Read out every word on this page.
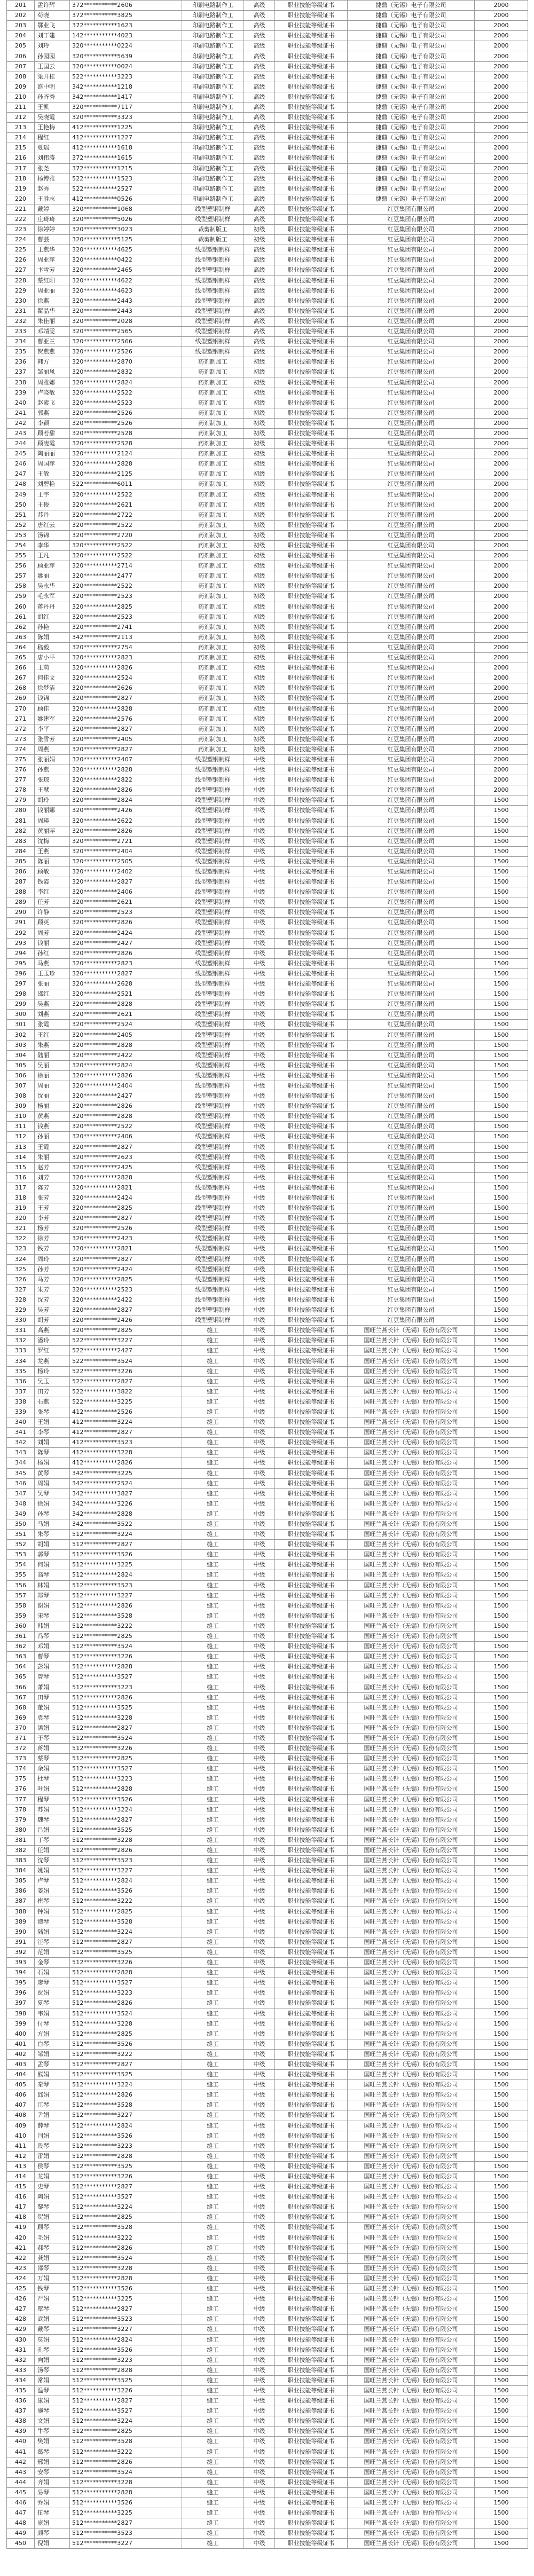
201	孟许辉	372***********2606	印刷电路制作工	高级	职业技能等级证书	捷鼎（无锡）电子有限公司	2000
202	苟晓	372***********3825	印刷电路制作工	高级	职业技能等级证书	捷鼎（无锡）电子有限公司	2000
203	鄂业飞	372***********1623	印刷电路制作工	高级	职业技能等级证书	捷鼎（无锡）电子有限公司	2000
204	刘丁建	142***********4023	印刷电路制作工	高级	职业技能等级证书	捷鼎（无锡）电子有限公司	2000
205	刘玲	320***********0224	印刷电路制作工	高级	职业技能等级证书	捷鼎（无锡）电子有限公司	2000
206	孙园园	320***********5639	印刷电路制作工	高级	职业技能等级证书	捷鼎（无锡）电子有限公司	2000
207	王国云	320***********0024	印刷电路制作工	高级	职业技能等级证书	捷鼎（无锡）电子有限公司	2000
208	梁开桂	522***********3223	印刷电路制作工	高级	职业技能等级证书	捷鼎（无锡）电子有限公司	2000
209	盛中明	342***********1218	印刷电路制作工	高级	职业技能等级证书	捷鼎（无锡）电子有限公司	2000
210	孙齐秀	342***********1417	印刷电路制作工	高级	职业技能等级证书	捷鼎（无锡）电子有限公司	2000
211	王凯	320***********7117	印刷电路制作工	高级	职业技能等级证书	捷鼎（无锡）电子有限公司	2000
212	吴晓霞	320***********3323	印刷电路制作工	高级	职业技能等级证书	捷鼎（无锡）电子有限公司	2000
213	王艳梅	412***********1225	印刷电路制作工	高级	职业技能等级证书	捷鼎（无锡）电子有限公司	2000
214	程红	412***********1227	印刷电路制作工	高级	职业技能等级证书	捷鼎（无锡）电子有限公司	2000
215	夏瑶	412***********1618	印刷电路制作工	高级	职业技能等级证书	捷鼎（无锡）电子有限公司	2000
216	刘伟涛	372***********1615	印刷电路制作工	高级	职业技能等级证书	捷鼎（无锡）电子有限公司	2000
217	张尧	372***********1215	印刷电路制作工	高级	职业技能等级证书	捷鼎（无锡）电子有限公司	2000
218	杨博雅	522***********1523	印刷电路制作工	高级	职业技能等级证书	捷鼎（无锡）电子有限公司	2000
219	赵秀	522***********2527	印刷电路制作工	高级	职业技能等级证书	捷鼎（无锡）电子有限公司	2000
220	王胜志	412***********0526	印刷电路制作工	高级	职业技能等级证书	捷鼎（无锡）电子有限公司	2000
221	戴婷	320***********1068	线型塑钢制样	高级	职业技能等级证书	红豆集团有限公司	2000
222	庄琦琦	320***********5026	线型塑钢制样	高级	职业技能等级证书	红豆集团有限公司	2000
223	徐婷婷	320***********3023	裁剪制版工	初级	职业技能等级证书	红豆集团有限公司	2000
224	曹芸	320***********5125	裁剪制版工	初级	职业技能等级证书	红豆集团有限公司	2000
225	王燕华	320***********4625	线型塑钢制样	高级	职业技能等级证书	红豆集团有限公司	2000
226	周亚萍	320***********0422	线型塑钢制样	高级	职业技能等级证书	红豆集团有限公司	2000
227	卞雪芳	320***********2465	线型塑钢制样	高级	职业技能等级证书	红豆集团有限公司	2000
228	蔡红阳	320***********4622	线型塑钢制样	高级	职业技能等级证书	红豆集团有限公司	2000
229	周亚丽	320***********4623	线型塑钢制样	高级	职业技能等级证书	红豆集团有限公司	2000
230	徐燕	320***********2443	线型塑钢制样	高级	职业技能等级证书	红豆集团有限公司	2000
231	瞿晶华	320***********2443	线型塑钢制样	高级	职业技能等级证书	红豆集团有限公司	2000
232	朱佳丽	320***********2028	线型塑钢制样	高级	职业技能等级证书	红豆集团有限公司	2000
233	邓靖雯	320***********2565	线型塑钢制样	高级	职业技能等级证书	红豆集团有限公司	2000
234	曹亚兰	320***********2566	线型塑钢制样	高级	职业技能等级证书	红豆集团有限公司	2000
235	贺燕燕	320***********2526	线型塑钢制样	高级	职业技能等级证书	红豆集团有限公司	2000
236	韩方	320***********2870	药剂制加工	初级	职业技能等级证书	红豆集团有限公司	2000
237	邹丽凤	320***********2832	药剂制加工	初级	职业技能等级证书	红豆集团有限公司	2000
238	周雅娜	320***********2824	药剂制加工	初级	职业技能等级证书	红豆集团有限公司	2000
239	卢晓敏	320***********2522	药剂制加工	初级	职业技能等级证书	红豆集团有限公司	2000
240	赵素飞	320***********2523	药剂制加工	初级	职业技能等级证书	红豆集团有限公司	2000
241	郭燕	320***********2526	药剂制加工	初级	职业技能等级证书	红豆集团有限公司	2000
242	李颖	320***********2526	药剂制加工	初级	职业技能等级证书	红豆集团有限公司	2000
243	顾若甜	320***********2528	药剂制加工	初级	职业技能等级证书	红豆集团有限公司	2000
244	顾凌霞	320***********2528	药剂制加工	初级	职业技能等级证书	红豆集团有限公司	2000
245	陶丽丽	320***********2124	药剂制加工	初级	职业技能等级证书	红豆集团有限公司	2000
246	周国萍	320***********2828	药剂制加工	初级	职业技能等级证书	红豆集团有限公司	2000
247	王敏	320***********2125	药剂制加工	初级	职业技能等级证书	红豆集团有限公司	2000
248	刘碧艳	522***********6011	药剂制加工	初级	职业技能等级证书	红豆集团有限公司	2000
249	王宇	320***********2522	药剂制加工	初级	职业技能等级证书	红豆集团有限公司	2000
250	王俊	320***********2621	药剂制加工	初级	职业技能等级证书	红豆集团有限公司	2000
251	苏丹	320***********2722	药剂制加工	初级	职业技能等级证书	红豆集团有限公司	2000
252	唐红云	320***********2522	药剂制加工	初级	职业技能等级证书	红豆集团有限公司	2000
253	汤锦	320***********2720	药剂制加工	初级	职业技能等级证书	红豆集团有限公司	2000
254	李华	320***********2522	药剂制加工	初级	职业技能等级证书	红豆集团有限公司	2000
255	王凡	320***********2522	药剂制加工	初级	职业技能等级证书	红豆集团有限公司	2000
256	顾亚萍	320***********2714	药剂制加工	初级	职业技能等级证书	红豆集团有限公司	2000
257	姚丽	320***********2477	药剂制加工	初级	职业技能等级证书	红豆集团有限公司	2000
258	吴永华	320***********2522	药剂制加工	初级	职业技能等级证书	红豆集团有限公司	2000
259	毛永军	320***********2523	药剂制加工	初级	职业技能等级证书	红豆集团有限公司	2000
260	蒋丹丹	320***********2825	药剂制加工	初级	职业技能等级证书	红豆集团有限公司	2000
261	胡红	320***********2523	药剂制加工	初级	职业技能等级证书	红豆集团有限公司	2000
262	孙艳	320***********2741	药剂制加工	初级	职业技能等级证书	红豆集团有限公司	2000
263	陈娟	342***********2113	药剂制加工	初级	职业技能等级证书	红豆集团有限公司	2000
264	嵇毅	320***********2754	药剂制加工	初级	职业技能等级证书	红豆集团有限公司	2000
265	唐小平	320***********2823	药剂制加工	初级	职业技能等级证书	红豆集团有限公司	2000
266	王莉	320***********2826	药剂制加工	初级	职业技能等级证书	红豆集团有限公司	2000
267	何佳文	320***********2524	药剂制加工	初级	职业技能等级证书	红豆集团有限公司	2000
268	徐梦洁	320***********2626	药剂制加工	初级	职业技能等级证书	红豆集团有限公司	2000
269	钱锦	320***********2827	药剂制加工	初级	职业技能等级证书	红豆集团有限公司	2000
270	顾佳	320***********2828	药剂制加工	初级	职业技能等级证书	红豆集团有限公司	2000
271	姚建军	320***********2576	药剂制加工	初级	职业技能等级证书	红豆集团有限公司	2000
272	李平	320***********2827	药剂制加工	初级	职业技能等级证书	红豆集团有限公司	2000
273	张雪芳	320***********2405	药剂制加工	初级	职业技能等级证书	红豆集团有限公司	2000
274	周燕	320***********2827	药剂制加工	初级	职业技能等级证书	红豆集团有限公司	2000
275	张丽娟	320***********2407	线型塑钢制样	中级	职业技能等级证书	红豆集团有限公司	2000
276	孙燕	320***********2828	线型塑钢制样	中级	职业技能等级证书	红豆集团有限公司	2000
277	张琼	320***********2822	线型塑钢制样	中级	职业技能等级证书	红豆集团有限公司	2000
278	王慧	320***********2826	线型塑钢制样	中级	职业技能等级证书	红豆集团有限公司	2000
279	胡玲	320***********2824	线型塑钢制样	中级	职业技能等级证书	红豆集团有限公司	1500
280	钱丽娜	320***********2426	线型塑钢制样	中级	职业技能等级证书	红豆集团有限公司	1500
281	周瑛	320***********2622	线型塑钢制样	中级	职业技能等级证书	红豆集团有限公司	1500
282	黄丽萍	320***********2826	线型塑钢制样	中级	职业技能等级证书	红豆集团有限公司	1500
283	沈梅	320***********2721	线型塑钢制样	中级	职业技能等级证书	红豆集团有限公司	1500
284	王燕	320***********2404	线型塑钢制样	中级	职业技能等级证书	红豆集团有限公司	1500
285	陈丽	320***********2505	线型塑钢制样	中级	职业技能等级证书	红豆集团有限公司	1500
286	顾敏	320***********2402	线型塑钢制样	中级	职业技能等级证书	红豆集团有限公司	1500
287	钱霞	320***********2827	线型塑钢制样	中级	职业技能等级证书	红豆集团有限公司	1500
288	李红	320***********2406	线型塑钢制样	中级	职业技能等级证书	红豆集团有限公司	1500
289	任芳	320***********2621	线型塑钢制样	中级	职业技能等级证书	红豆集团有限公司	1500
290	许静	320***********2523	线型塑钢制样	中级	职业技能等级证书	红豆集团有限公司	1500
291	顾英	320***********2826	线型塑钢制样	中级	职业技能等级证书	红豆集团有限公司	1500
292	周芳	320***********2424	线型塑钢制样	中级	职业技能等级证书	红豆集团有限公司	1500
293	钱丽	320***********2427	线型塑钢制样	中级	职业技能等级证书	红豆集团有限公司	1500
294	孙红	320***********2826	线型塑钢制样	中级	职业技能等级证书	红豆集团有限公司	1500
295	马燕	320***********2823	线型塑钢制样	中级	职业技能等级证书	红豆集团有限公司	1500
296	王玉珍	320***********2827	线型塑钢制样	中级	职业技能等级证书	红豆集团有限公司	1500
297	张丽	320***********2628	线型塑钢制样	中级	职业技能等级证书	红豆集团有限公司	1500
298	邵红	320***********2521	线型塑钢制样	中级	职业技能等级证书	红豆集团有限公司	1500
299	吴燕	320***********2828	线型塑钢制样	中级	职业技能等级证书	红豆集团有限公司	1500
300	刘燕	320***********2621	线型塑钢制样	中级	职业技能等级证书	红豆集团有限公司	1500
301	张霞	320***********2524	线型塑钢制样	中级	职业技能等级证书	红豆集团有限公司	1500
302	王红	320***********2405	线型塑钢制样	中级	职业技能等级证书	红豆集团有限公司	1500
303	朱燕	320***********2828	线型塑钢制样	中级	职业技能等级证书	红豆集团有限公司	1500
304	陆丽	320***********2422	线型塑钢制样	中级	职业技能等级证书	红豆集团有限公司	1500
305	吴丽	320***********2824	线型塑钢制样	中级	职业技能等级证书	红豆集团有限公司	1500
306	徐丽	320***********2826	线型塑钢制样	中级	职业技能等级证书	红豆集团有限公司	1500
307	周丽	320***********2404	线型塑钢制样	中级	职业技能等级证书	红豆集团有限公司	1500
308	沈丽	320***********2427	线型塑钢制样	中级	职业技能等级证书	红豆集团有限公司	1500
309	杨丽	320***********2826	线型塑钢制样	中级	职业技能等级证书	红豆集团有限公司	1500
310	黄燕	320***********2828	线型塑钢制样	中级	职业技能等级证书	红豆集团有限公司	1500
311	钱燕	320***********2522	线型塑钢制样	中级	职业技能等级证书	红豆集团有限公司	1500
312	孙丽	320***********2406	线型塑钢制样	中级	职业技能等级证书	红豆集团有限公司	1500
313	王霞	320***********2827	线型塑钢制样	中级	职业技能等级证书	红豆集团有限公司	1500
314	朱丽	320***********2623	线型塑钢制样	中级	职业技能等级证书	红豆集团有限公司	1500
315	赵芳	320***********2425	线型塑钢制样	中级	职业技能等级证书	红豆集团有限公司	1500
316	刘芳	320***********2828	线型塑钢制样	中级	职业技能等级证书	红豆集团有限公司	1500
317	陈芳	320***********2821	线型塑钢制样	中级	职业技能等级证书	红豆集团有限公司	1500
318	张芳	320***********2424	线型塑钢制样	中级	职业技能等级证书	红豆集团有限公司	1500
319	王芳	320***********2825	线型塑钢制样	中级	职业技能等级证书	红豆集团有限公司	1500
320	李芳	320***********2827	线型塑钢制样	中级	职业技能等级证书	红豆集团有限公司	1500
321	杨芳	320***********2526	线型塑钢制样	中级	职业技能等级证书	红豆集团有限公司	1500
322	徐芳	320***********2423	线型塑钢制样	中级	职业技能等级证书	红豆集团有限公司	1500
323	钱芳	320***********2821	线型塑钢制样	中级	职业技能等级证书	红豆集团有限公司	1500
324	周玲	320***********2827	线型塑钢制样	中级	职业技能等级证书	红豆集团有限公司	1500
325	孙芳	320***********2424	线型塑钢制样	中级	职业技能等级证书	红豆集团有限公司	1500
326	马芳	320***********2825	线型塑钢制样	中级	职业技能等级证书	红豆集团有限公司	1500
327	朱芳	320***********2523	线型塑钢制样	中级	职业技能等级证书	红豆集团有限公司	1500
328	沈芳	320***********2422	线型塑钢制样	中级	职业技能等级证书	红豆集团有限公司	1500
329	吴芳	320***********2827	线型塑钢制样	中级	职业技能等级证书	红豆集团有限公司	1500
330	胡芳	320***********2426	线型塑钢制样	中级	职业技能等级证书	红豆集团有限公司	1500
331	高燕	320***********2825	缝工	中级	职业技能等级证书	国旺兰燕长针（无锡）股份有限公司	1500
332	潘玲	522***********3227	缝工	中级	职业技能等级证书	国旺兰燕长针（无锡）股份有限公司	1500
333	罗红	522***********2427	缝工	中级	职业技能等级证书	国旺兰燕长针（无锡）股份有限公司	1500
334	龙燕	522***********3524	缝工	中级	职业技能等级证书	国旺兰燕长针（无锡）股份有限公司	1500
335	杨玲	522***********3226	缝工	中级	职业技能等级证书	国旺兰燕长针（无锡）股份有限公司	1500
336	吴玉	522***********2827	缝工	中级	职业技能等级证书	国旺兰燕长针（无锡）股份有限公司	1500
337	田芳	522***********3822	缝工	中级	职业技能等级证书	国旺兰燕长针（无锡）股份有限公司	1500
338	石燕	522***********3225	缝工	中级	职业技能等级证书	国旺兰燕长针（无锡）股份有限公司	1500
339	张琴	412***********2526	缝工	中级	职业技能等级证书	国旺兰燕长针（无锡）股份有限公司	1500
340	王娟	412***********3224	缝工	中级	职业技能等级证书	国旺兰燕长针（无锡）股份有限公司	1500
341	李琴	412***********2827	缝工	中级	职业技能等级证书	国旺兰燕长针（无锡）股份有限公司	1500
342	刘娟	412***********3523	缝工	中级	职业技能等级证书	国旺兰燕长针（无锡）股份有限公司	1500
343	陈琴	412***********3228	缝工	中级	职业技能等级证书	国旺兰燕长针（无锡）股份有限公司	1500
344	杨娟	412***********2826	缝工	中级	职业技能等级证书	国旺兰燕长针（无锡）股份有限公司	1500
345	黄琴	342***********3225	缝工	中级	职业技能等级证书	国旺兰燕长针（无锡）股份有限公司	1500
346	周娟	342***********2524	缝工	中级	职业技能等级证书	国旺兰燕长针（无锡）股份有限公司	1500
347	吴琴	342***********3827	缝工	中级	职业技能等级证书	国旺兰燕长针（无锡）股份有限公司	1500
348	徐娟	342***********3226	缝工	中级	职业技能等级证书	国旺兰燕长针（无锡）股份有限公司	1500
349	孙琴	342***********2828	缝工	中级	职业技能等级证书	国旺兰燕长针（无锡）股份有限公司	1500
350	马娟	342***********3522	缝工	中级	职业技能等级证书	国旺兰燕长针（无锡）股份有限公司	1500
351	朱琴	512***********3224	缝工	中级	职业技能等级证书	国旺兰燕长针（无锡）股份有限公司	1500
352	胡娟	512***********2827	缝工	中级	职业技能等级证书	国旺兰燕长针（无锡）股份有限公司	1500
353	郭琴	512***********3526	缝工	中级	职业技能等级证书	国旺兰燕长针（无锡）股份有限公司	1500
354	何娟	512***********3225	缝工	中级	职业技能等级证书	国旺兰燕长针（无锡）股份有限公司	1500
355	高琴	512***********2824	缝工	中级	职业技能等级证书	国旺兰燕长针（无锡）股份有限公司	1500
356	林娟	512***********3523	缝工	中级	职业技能等级证书	国旺兰燕长针（无锡）股份有限公司	1500
357	郑琴	512***********3227	缝工	中级	职业技能等级证书	国旺兰燕长针（无锡）股份有限公司	1500
358	谢娟	512***********2826	缝工	中级	职业技能等级证书	国旺兰燕长针（无锡）股份有限公司	1500
359	宋琴	512***********3528	缝工	中级	职业技能等级证书	国旺兰燕长针（无锡）股份有限公司	1500
360	韩娟	512***********3222	缝工	中级	职业技能等级证书	国旺兰燕长针（无锡）股份有限公司	1500
361	冯琴	512***********2825	缝工	中级	职业技能等级证书	国旺兰燕长针（无锡）股份有限公司	1500
362	邓娟	512***********3524	缝工	中级	职业技能等级证书	国旺兰燕长针（无锡）股份有限公司	1500
363	曹琴	512***********3226	缝工	中级	职业技能等级证书	国旺兰燕长针（无锡）股份有限公司	1500
364	彭娟	512***********2828	缝工	中级	职业技能等级证书	国旺兰燕长针（无锡）股份有限公司	1500
365	曾琴	512***********3527	缝工	中级	职业技能等级证书	国旺兰燕长针（无锡）股份有限公司	1500
366	萧娟	512***********3223	缝工	中级	职业技能等级证书	国旺兰燕长针（无锡）股份有限公司	1500
367	田琴	512***********2826	缝工	中级	职业技能等级证书	国旺兰燕长针（无锡）股份有限公司	1500
368	董娟	512***********3525	缝工	中级	职业技能等级证书	国旺兰燕长针（无锡）股份有限公司	1500
369	袁琴	512***********3228	缝工	中级	职业技能等级证书	国旺兰燕长针（无锡）股份有限公司	1500
370	潘娟	512***********2827	缝工	中级	职业技能等级证书	国旺兰燕长针（无锡）股份有限公司	1500
371	于琴	512***********3524	缝工	中级	职业技能等级证书	国旺兰燕长针（无锡）股份有限公司	1500
372	蒋娟	512***********3226	缝工	中级	职业技能等级证书	国旺兰燕长针（无锡）股份有限公司	1500
373	蔡琴	512***********2825	缝工	中级	职业技能等级证书	国旺兰燕长针（无锡）股份有限公司	1500
374	余娟	512***********3527	缝工	中级	职业技能等级证书	国旺兰燕长针（无锡）股份有限公司	1500
375	杜琴	512***********3223	缝工	中级	职业技能等级证书	国旺兰燕长针（无锡）股份有限公司	1500
376	叶娟	512***********2828	缝工	中级	职业技能等级证书	国旺兰燕长针（无锡）股份有限公司	1500
377	程琴	512***********3526	缝工	中级	职业技能等级证书	国旺兰燕长针（无锡）股份有限公司	1500
378	苏娟	512***********3224	缝工	中级	职业技能等级证书	国旺兰燕长针（无锡）股份有限公司	1500
379	魏琴	512***********2827	缝工	中级	职业技能等级证书	国旺兰燕长针（无锡）股份有限公司	1500
380	吕娟	512***********3525	缝工	中级	职业技能等级证书	国旺兰燕长针（无锡）股份有限公司	1500
381	丁琴	512***********3228	缝工	中级	职业技能等级证书	国旺兰燕长针（无锡）股份有限公司	1500
382	任娟	512***********2826	缝工	中级	职业技能等级证书	国旺兰燕长针（无锡）股份有限公司	1500
383	沈琴	512***********3523	缝工	中级	职业技能等级证书	国旺兰燕长针（无锡）股份有限公司	1500
384	姚娟	512***********3227	缝工	中级	职业技能等级证书	国旺兰燕长针（无锡）股份有限公司	1500
385	卢琴	512***********2824	缝工	中级	职业技能等级证书	国旺兰燕长针（无锡）股份有限公司	1500
386	姜娟	512***********3526	缝工	中级	职业技能等级证书	国旺兰燕长针（无锡）股份有限公司	1500
387	崔琴	512***********3222	缝工	中级	职业技能等级证书	国旺兰燕长针（无锡）股份有限公司	1500
388	钟娟	512***********2825	缝工	中级	职业技能等级证书	国旺兰燕长针（无锡）股份有限公司	1500
389	谭琴	512***********3528	缝工	中级	职业技能等级证书	国旺兰燕长针（无锡）股份有限公司	1500
390	陆娟	512***********3224	缝工	中级	职业技能等级证书	国旺兰燕长针（无锡）股份有限公司	1500
391	汪琴	512***********2827	缝工	中级	职业技能等级证书	国旺兰燕长针（无锡）股份有限公司	1500
392	范娟	512***********3525	缝工	中级	职业技能等级证书	国旺兰燕长针（无锡）股份有限公司	1500
393	金琴	512***********3226	缝工	中级	职业技能等级证书	国旺兰燕长针（无锡）股份有限公司	1500
394	石娟	512***********2828	缝工	中级	职业技能等级证书	国旺兰燕长针（无锡）股份有限公司	1500
395	廖琴	512***********3527	缝工	中级	职业技能等级证书	国旺兰燕长针（无锡）股份有限公司	1500
396	贾娟	512***********3223	缝工	中级	职业技能等级证书	国旺兰燕长针（无锡）股份有限公司	1500
397	夏琴	512***********2826	缝工	中级	职业技能等级证书	国旺兰燕长针（无锡）股份有限公司	1500
398	韦娟	512***********3524	缝工	中级	职业技能等级证书	国旺兰燕长针（无锡）股份有限公司	1500
399	付琴	512***********3228	缝工	中级	职业技能等级证书	国旺兰燕长针（无锡）股份有限公司	1500
400	方娟	512***********2825	缝工	中级	职业技能等级证书	国旺兰燕长针（无锡）股份有限公司	1500
401	白琴	512***********3526	缝工	中级	职业技能等级证书	国旺兰燕长针（无锡）股份有限公司	1500
402	邹娟	512***********3222	缝工	中级	职业技能等级证书	国旺兰燕长针（无锡）股份有限公司	1500
403	孟琴	512***********2827	缝工	中级	职业技能等级证书	国旺兰燕长针（无锡）股份有限公司	1500
404	熊娟	512***********3525	缝工	中级	职业技能等级证书	国旺兰燕长针（无锡）股份有限公司	1500
405	秦琴	512***********3224	缝工	中级	职业技能等级证书	国旺兰燕长针（无锡）股份有限公司	1500
406	邱娟	512***********2826	缝工	中级	职业技能等级证书	国旺兰燕长针（无锡）股份有限公司	1500
407	江琴	512***********3528	缝工	中级	职业技能等级证书	国旺兰燕长针（无锡）股份有限公司	1500
408	尹娟	512***********3227	缝工	中级	职业技能等级证书	国旺兰燕长针（无锡）股份有限公司	1500
409	薛琴	512***********2824	缝工	中级	职业技能等级证书	国旺兰燕长针（无锡）股份有限公司	1500
410	闫娟	512***********3526	缝工	中级	职业技能等级证书	国旺兰燕长针（无锡）股份有限公司	1500
411	段琴	512***********3223	缝工	中级	职业技能等级证书	国旺兰燕长针（无锡）股份有限公司	1500
412	雷娟	512***********2828	缝工	中级	职业技能等级证书	国旺兰燕长针（无锡）股份有限公司	1500
413	侯琴	512***********3525	缝工	中级	职业技能等级证书	国旺兰燕长针（无锡）股份有限公司	1500
414	龙娟	512***********3226	缝工	中级	职业技能等级证书	国旺兰燕长针（无锡）股份有限公司	1500
415	史琴	512***********2827	缝工	中级	职业技能等级证书	国旺兰燕长针（无锡）股份有限公司	1500
416	陶娟	512***********3527	缝工	中级	职业技能等级证书	国旺兰燕长针（无锡）股份有限公司	1500
417	黎琴	512***********3224	缝工	中级	职业技能等级证书	国旺兰燕长针（无锡）股份有限公司	1500
418	贺娟	512***********2825	缝工	中级	职业技能等级证书	国旺兰燕长针（无锡）股份有限公司	1500
419	顾琴	512***********3528	缝工	中级	职业技能等级证书	国旺兰燕长针（无锡）股份有限公司	1500
420	毛娟	512***********3222	缝工	中级	职业技能等级证书	国旺兰燕长针（无锡）股份有限公司	1500
421	郝琴	512***********2826	缝工	中级	职业技能等级证书	国旺兰燕长针（无锡）股份有限公司	1500
422	龚娟	512***********3524	缝工	中级	职业技能等级证书	国旺兰燕长针（无锡）股份有限公司	1500
423	邵琴	512***********3228	缝工	中级	职业技能等级证书	国旺兰燕长针（无锡）股份有限公司	1500
424	万娟	512***********2828	缝工	中级	职业技能等级证书	国旺兰燕长针（无锡）股份有限公司	1500
425	钱琴	512***********3526	缝工	中级	职业技能等级证书	国旺兰燕长针（无锡）股份有限公司	1500
426	严娟	512***********3225	缝工	中级	职业技能等级证书	国旺兰燕长针（无锡）股份有限公司	1500
427	覃琴	512***********2827	缝工	中级	职业技能等级证书	国旺兰燕长针（无锡）股份有限公司	1500
428	武娟	512***********3523	缝工	中级	职业技能等级证书	国旺兰燕长针（无锡）股份有限公司	1500
429	戴琴	512***********3227	缝工	中级	职业技能等级证书	国旺兰燕长针（无锡）股份有限公司	1500
430	莫娟	512***********2824	缝工	中级	职业技能等级证书	国旺兰燕长针（无锡）股份有限公司	1500
431	孔琴	512***********3526	缝工	中级	职业技能等级证书	国旺兰燕长针（无锡）股份有限公司	1500
432	向娟	512***********3223	缝工	中级	职业技能等级证书	国旺兰燕长针（无锡）股份有限公司	1500
433	汤琴	512***********2828	缝工	中级	职业技能等级证书	国旺兰燕长针（无锡）股份有限公司	1500
434	常娟	512***********3525	缝工	中级	职业技能等级证书	国旺兰燕长针（无锡）股份有限公司	1500
435	温琴	512***********3226	缝工	中级	职业技能等级证书	国旺兰燕长针（无锡）股份有限公司	1500
436	康娟	512***********2827	缝工	中级	职业技能等级证书	国旺兰燕长针（无锡）股份有限公司	1500
437	施琴	512***********3527	缝工	中级	职业技能等级证书	国旺兰燕长针（无锡）股份有限公司	1500
438	文娟	512***********3224	缝工	中级	职业技能等级证书	国旺兰燕长针（无锡）股份有限公司	1500
439	牛琴	512***********2825	缝工	中级	职业技能等级证书	国旺兰燕长针（无锡）股份有限公司	1500
440	樊娟	512***********3528	缝工	中级	职业技能等级证书	国旺兰燕长针（无锡）股份有限公司	1500
441	葛琴	512***********3222	缝工	中级	职业技能等级证书	国旺兰燕长针（无锡）股份有限公司	1500
442	邢娟	512***********2826	缝工	中级	职业技能等级证书	国旺兰燕长针（无锡）股份有限公司	1500
443	安琴	512***********3524	缝工	中级	职业技能等级证书	国旺兰燕长针（无锡）股份有限公司	1500
444	齐娟	512***********3228	缝工	中级	职业技能等级证书	国旺兰燕长针（无锡）股份有限公司	1500
445	易琴	512***********2828	缝工	中级	职业技能等级证书	国旺兰燕长针（无锡）股份有限公司	1500
446	乔娟	512***********3526	缝工	中级	职业技能等级证书	国旺兰燕长针（无锡）股份有限公司	1500
447	伍琴	512***********3225	缝工	中级	职业技能等级证书	国旺兰燕长针（无锡）股份有限公司	1500
448	庞娟	512***********2827	缝工	中级	职业技能等级证书	国旺兰燕长针（无锡）股份有限公司	1500
449	颜琴	512***********3523	缝工	中级	职业技能等级证书	国旺兰燕长针（无锡）股份有限公司	1500
450	倪娟	512***********3227	缝工	中级	职业技能等级证书	国旺兰燕长针（无锡）股份有限公司	1500
